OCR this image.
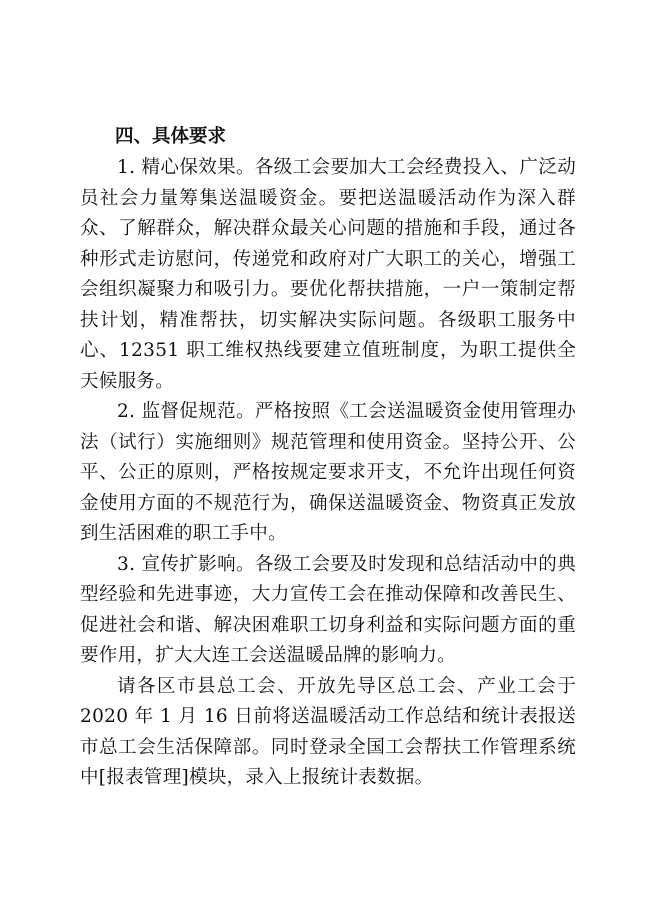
四、具体要求

1. 精心保效果。各级工会要加大工会经费投入、广泛动员社会力量筹集送温暖资金。要把送温暖活动作为深入群众、了解群众，解决群众最关心问题的措施和手段，通过各种形式走访慰问，传递党和政府对广大职工的关心，增强工会组织凝聚力和吸引力。要优化帮扶措施，一户一策制定帮扶计划，精准帮扶，切实解决实际问题。各级职工服务中心、12351 职工维权热线要建立值班制度，为职工提供全天候服务。

2. 监督促规范。严格按照《工会送温暖资金使用管理办法（试行）实施细则》规范管理和使用资金。坚持公开、公平、公正的原则，严格按规定要求开支，不允许出现任何资金使用方面的不规范行为，确保送温暖资金、物资真正发放到生活困难的职工手中。

3. 宣传扩影响。各级工会要及时发现和总结活动中的典型经验和先进事迹，大力宣传工会在推动保障和改善民生、促进社会和谐、解决困难职工切身利益和实际问题方面的重要作用，扩大大连工会送温暖品牌的影响力。

请各区市县总工会、开放先导区总工会、产业工会于 2020 年 1 月 16 日前将送温暖活动工作总结和统计表报送市总工会生活保障部。同时登录全国工会帮扶工作管理系统中[报表管理]模块，录入上报统计表数据。
